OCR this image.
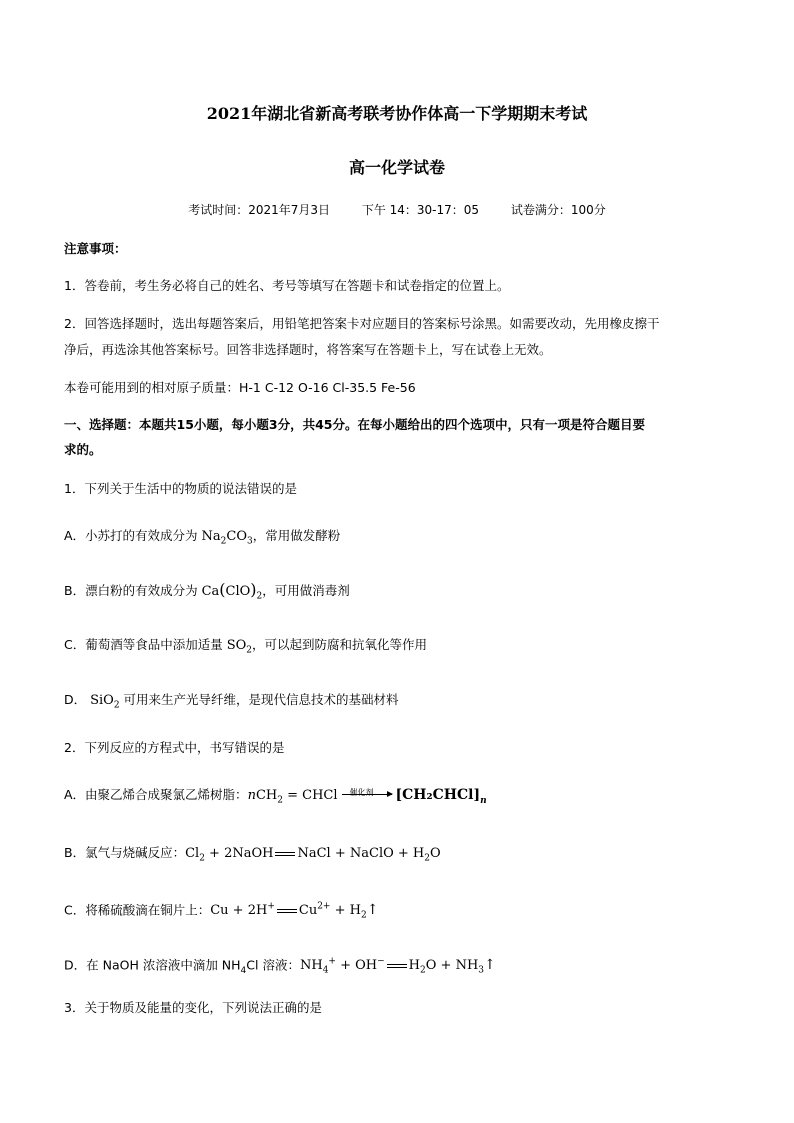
2021年湖北省新高考联考协作体高一下学期期末考试
高一化学试卷
考试时间：2021年7月3日	下午 14：30-17：05	试卷满分：100分
注意事项：
1．答卷前，考生务必将自己的姓名、考号等填写在答题卡和试卷指定的位置上。
2．回答选择题时，选出每题答案后，用铅笔把答案卡对应题目的答案标号涂黑。如需要改动，先用橡皮擦干
净后，再选涂其他答案标号。回答非选择题时，将答案写在答题卡上，写在试卷上无效。
本卷可能用到的相对原子质量：H-1 C-12 O-16 Cl-35.5 Fe-56
一、选择题：本题共15小题，每小题3分，共45分。在每小题给出的四个选项中，只有一项是符合题目要
求的。
1．下列关于生活中的物质的说法错误的是
A．小苏打的有效成分为 $Na_2CO_3$，常用做发酵粉
B．漂白粉的有效成分为 $Ca(ClO)_2$，可用做消毒剂
C．葡萄酒等食品中添加适量 $SO_2$，可以起到防腐和抗氧化等作用
D． SiO$_2$ 可用来生产光导纤维，是现代信息技术的基础材料
2．下列反应的方程式中，书写错误的是
A．由聚乙烯合成聚氯乙烯树脂：nCH$_2$ = CHCl 催化剂 $[CH_2CHCl]_n$
B．氯气与烧碱反应：$Cl_2$ + 2NaOH NaCl + NaClO + $H_2O$
C．将稀硫酸滴在铜片上：Cu + 2H+ $Cu^{2+}$ + $H_2↑$
D．在 NaOH 浓溶液中滴加 $NH_4Cl$ 溶液：$NH_4^+ + OH^-$ $H_2O$ + $NH_3↑$
3．关于物质及能量的变化，下列说法正确的是
